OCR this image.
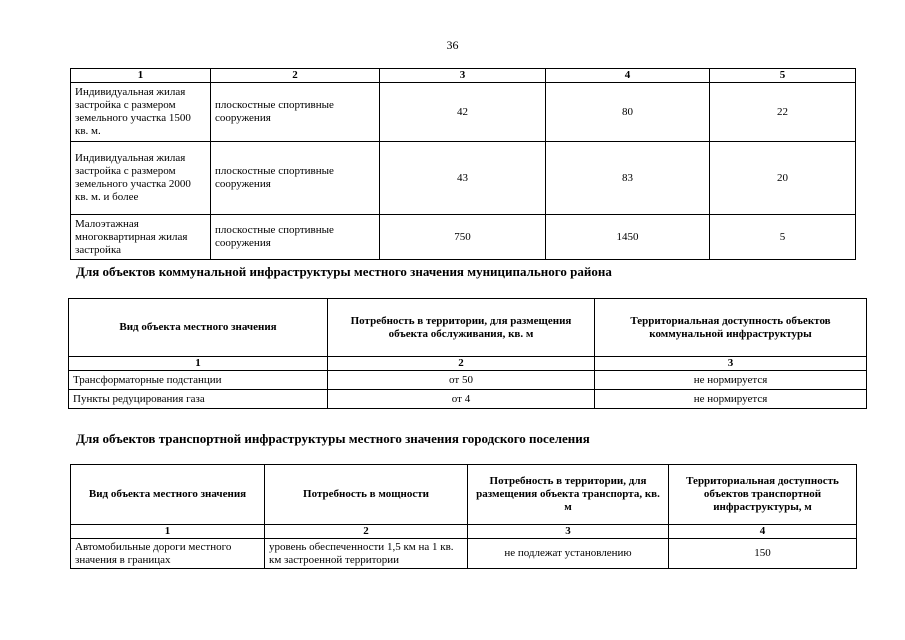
36
1	2	3	4	5
Индивидуальная жилая застройка с размером земельного участка 1500 кв. м.	плоскостные спортивные сооружения	42	80	22
Индивидуальная жилая застройка с размером земельного участка 2000 кв. м. и более	плоскостные спортивные сооружения	43	83	20
Малоэтажная многоквартирная жилая застройка	плоскостные спортивные сооружения	750	1450	5
Для объектов коммунальной инфраструктуры местного значения муниципального района
Вид объекта местного значения	Потребность в территории, для размещения объекта обслуживания, кв. м	Территориальная доступность объектов коммунальной инфраструктуры
1	2	3
Трансформаторные подстанции	от 50	не нормируется
Пункты редуцирования газа	от 4	не нормируется
Для объектов транспортной инфраструктуры местного значения городского поселения
Вид объекта местного значения	Потребность в мощности	Потребность в территории, для размещения объекта транспорта, кв. м	Территориальная доступность объектов транспортной инфраструктуры, м
1	2	3	4
Автомобильные дороги местного значения в границах	уровень обеспеченности 1,5 км на 1 кв. км застроенной территории	не подлежат установлению	150
